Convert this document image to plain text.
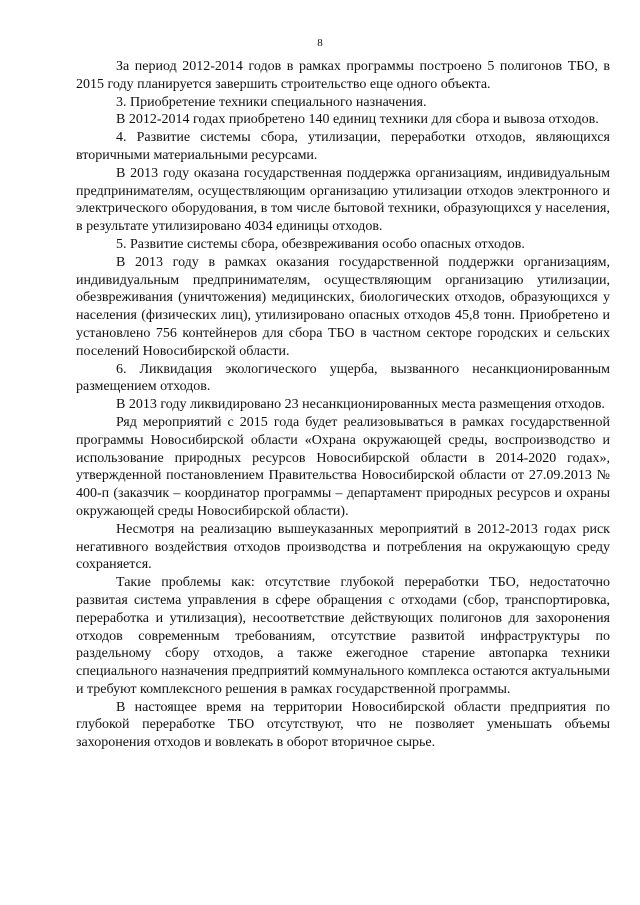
8

За период 2012-2014 годов в рамках программы построено 5 полигонов ТБО, в 2015 году планируется завершить строительство еще одного объекта.

3. Приобретение техники специального назначения.

В 2012-2014 годах приобретено 140 единиц техники для сбора и вывоза отходов.

4. Развитие системы сбора, утилизации, переработки отходов, являющихся вторичными материальными ресурсами.

В 2013 году оказана государственная поддержка организациям, индивидуальным предпринимателям, осуществляющим организацию утилизации отходов электронного и электрического оборудования, в том числе бытовой техники, образующихся у населения, в результате утилизировано 4034 единицы отходов.

5. Развитие системы сбора, обезвреживания особо опасных отходов.

В 2013 году в рамках оказания государственной поддержки организациям, индивидуальным предпринимателям, осуществляющим организацию утилизации, обезвреживания (уничтожения) медицинских, биологических отходов, образующихся у населения (физических лиц), утилизировано опасных отходов 45,8 тонн. Приобретено и установлено 756 контейнеров для сбора ТБО в частном секторе городских и сельских поселений Новосибирской области.

6. Ликвидация экологического ущерба, вызванного несанкционированным размещением отходов.

В 2013 году ликвидировано 23 несанкционированных места размещения отходов.

Ряд мероприятий с 2015 года будет реализовываться в рамках государственной программы Новосибирской области «Охрана окружающей среды, воспроизводство и использование природных ресурсов Новосибирской области в 2014-2020 годах», утвержденной постановлением Правительства Новосибирской области от 27.09.2013 № 400-п (заказчик – координатор программы – департамент природных ресурсов и охраны окружающей среды Новосибирской области).

Несмотря на реализацию вышеуказанных мероприятий в 2012-2013 годах риск негативного воздействия отходов производства и потребления на окружающую среду сохраняется.

Такие проблемы как: отсутствие глубокой переработки ТБО, недостаточно развитая система управления в сфере обращения с отходами (сбор, транспортировка, переработка и утилизация), несоответствие действующих полигонов для захоронения отходов современным требованиям, отсутствие развитой инфраструктуры по раздельному сбору отходов, а также ежегодное старение автопарка техники специального назначения предприятий коммунального комплекса остаются актуальными и требуют комплексного решения в рамках государственной программы.

В настоящее время на территории Новосибирской области предприятия по глубокой переработке ТБО отсутствуют, что не позволяет уменьшать объемы захоронения отходов и вовлекать в оборот вторичное сырье.
